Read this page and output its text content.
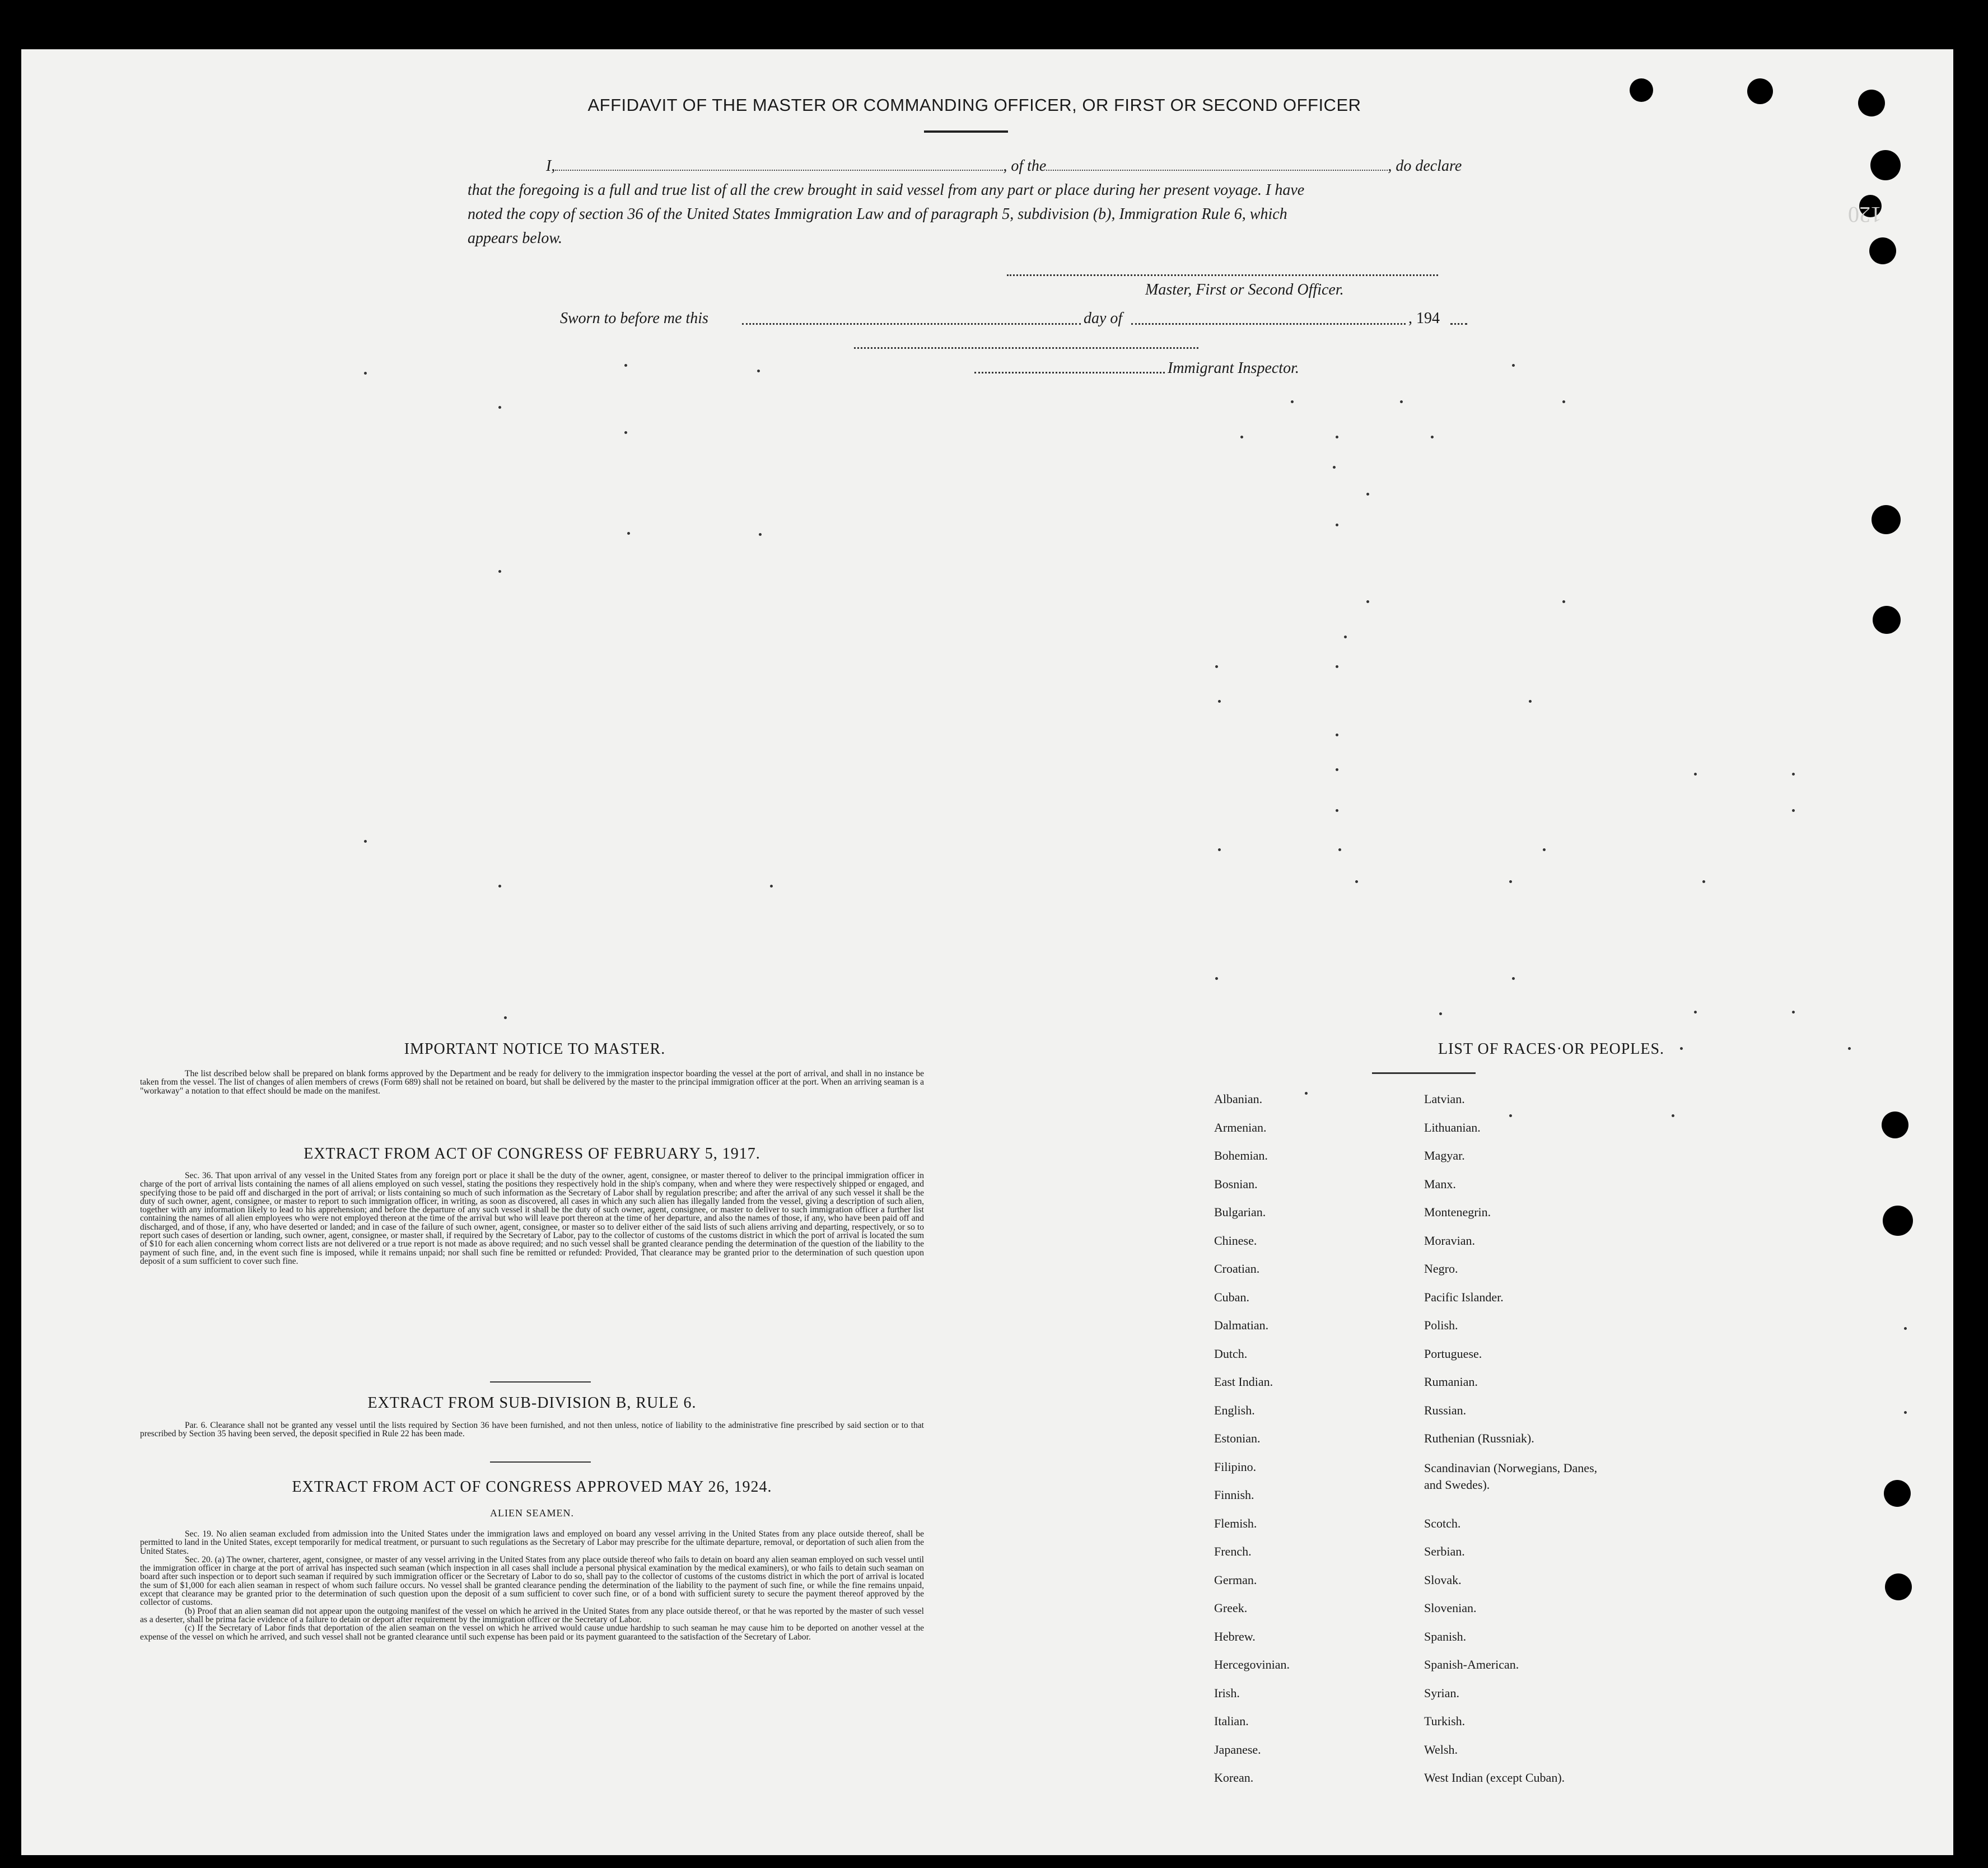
120
AFFIDAVIT OF THE MASTER OR COMMANDING OFFICER, OR FIRST OR SECOND OFFICER

I,	, of the	, do declare

that the foregoing is a full and true list of all the crew brought in said vessel from any part or place during her present voyage. I have

noted the copy of section 36 of the United States Immigration Law and of paragraph 5, subdivision (b), Immigration Rule 6, which

appears below.

Master, First or Second Officer.
Sworn to before me this	day of	, 194
Immigrant Inspector.
IMPORTANT NOTICE TO MASTER.

The list described below shall be prepared on blank forms approved by the Department and be ready for delivery to the immigration inspector boarding the vessel at the port of arrival, and shall in no instance be taken from the vessel. The list of changes of alien members of crews (Form 689) shall not be retained on board, but shall be delivered by the master to the principal immigration officer at the port. When an arriving seaman is a "workaway" a notation to that effect should be made on the manifest.

EXTRACT FROM ACT OF CONGRESS OF FEBRUARY 5, 1917.

Sec. 36. That upon arrival of any vessel in the United States from any foreign port or place it shall be the duty of the owner, agent, consignee, or master thereof to deliver to the principal immigration officer in charge of the port of arrival lists containing the names of all aliens employed on such vessel, stating the positions they respectively hold in the ship's company, when and where they were respectively shipped or engaged, and specifying those to be paid off and discharged in the port of arrival; or lists containing so much of such information as the Secretary of Labor shall by regulation prescribe; and after the arrival of any such vessel it shall be the duty of such owner, agent, consignee, or master to report to such immigration officer, in writing, as soon as discovered, all cases in which any such alien has illegally landed from the vessel, giving a description of such alien, together with any information likely to lead to his apprehension; and before the departure of any such vessel it shall be the duty of such owner, agent, consignee, or master to deliver to such immigration officer a further list containing the names of all alien employees who were not employed thereon at the time of the arrival but who will leave port thereon at the time of her departure, and also the names of those, if any, who have been paid off and discharged, and of those, if any, who have deserted or landed; and in case of the failure of such owner, agent, consignee, or master so to deliver either of the said lists of such aliens arriving and departing, respectively, or so to report such cases of desertion or landing, such owner, agent, consignee, or master shall, if required by the Secretary of Labor, pay to the collector of customs of the customs district in which the port of arrival is located the sum of $10 for each alien concerning whom correct lists are not delivered or a true report is not made as above required; and no such vessel shall be granted clearance pending the determination of the question of the liability to the payment of such fine, and, in the event such fine is imposed, while it remains unpaid; nor shall such fine be remitted or refunded: Provided, That clearance may be granted prior to the determination of such question upon deposit of a sum sufficient to cover such fine.

EXTRACT FROM SUB-DIVISION B, RULE 6.

Par. 6. Clearance shall not be granted any vessel until the lists required by Section 36 have been furnished, and not then unless, notice of liability to the administrative fine prescribed by said section or to that prescribed by Section 35 having been served, the deposit specified in Rule 22 has been made.

EXTRACT FROM ACT OF CONGRESS APPROVED MAY 26, 1924.
ALIEN SEAMEN.

Sec. 19. No alien seaman excluded from admission into the United States under the immigration laws and employed on board any vessel arriving in the United States from any place outside thereof, shall be permitted to land in the United States, except temporarily for medical treatment, or pursuant to such regulations as the Secretary of Labor may prescribe for the ultimate departure, removal, or deportation of such alien from the United States.

Sec. 20. (a) The owner, charterer, agent, consignee, or master of any vessel arriving in the United States from any place outside thereof who fails to detain on board any alien seaman employed on such vessel until the immigration officer in charge at the port of arrival has inspected such seaman (which inspection in all cases shall include a personal physical examination by the medical examiners), or who fails to detain such seaman on board after such inspection or to deport such seaman if required by such immigration officer or the Secretary of Labor to do so, shall pay to the collector of customs of the customs district in which the port of arrival is located the sum of $1,000 for each alien seaman in respect of whom such failure occurs. No vessel shall be granted clearance pending the determination of the liability to the payment of such fine, or while the fine remains unpaid, except that clearance may be granted prior to the determination of such question upon the deposit of a sum sufficient to cover such fine, or of a bond with sufficient surety to secure the payment thereof approved by the collector of customs.

(b) Proof that an alien seaman did not appear upon the outgoing manifest of the vessel on which he arrived in the United States from any place outside thereof, or that he was reported by the master of such vessel as a deserter, shall be prima facie evidence of a failure to detain or deport after requirement by the immigration officer or the Secretary of Labor.

(c) If the Secretary of Labor finds that deportation of the alien seaman on the vessel on which he arrived would cause undue hardship to such seaman he may cause him to be deported on another vessel at the expense of the vessel on which he arrived, and such vessel shall not be granted clearance until such expense has been paid or its payment guaranteed to the satisfaction of the Secretary of Labor.

LIST OF RACES·OR PEOPLES.
Albanian.
Armenian.
Bohemian.
Bosnian.
Bulgarian.
Chinese.
Croatian.
Cuban.
Dalmatian.
Dutch.
East Indian.
English.
Estonian.
Filipino.
Finnish.
Flemish.
French.
German.
Greek.
Hebrew.
Hercegovinian.
Irish.
Italian.
Japanese.
Korean.
Latvian.
Lithuanian.
Magyar.
Manx.
Montenegrin.
Moravian.
Negro.
Pacific Islander.
Polish.
Portuguese.
Rumanian.
Russian.
Ruthenian (Russniak).
Scandinavian (Norwegians, Danes, and Swedes).
Scotch.
Serbian.
Slovak.
Slovenian.
Spanish.
Spanish-American.
Syrian.
Turkish.
Welsh.
West Indian (except Cuban).
